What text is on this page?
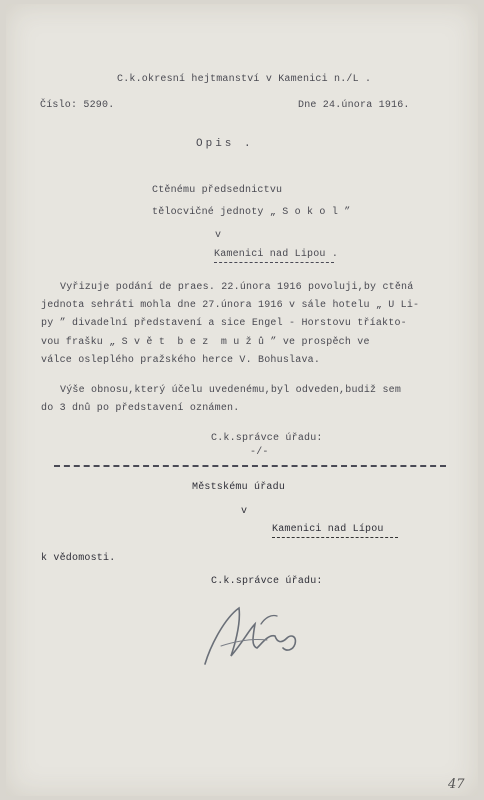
C.k.okresní hejtmanství v Kamenici n./L .
Číslo: 5290.	Dne 24.února 1916.
Opis .
Ctěnému předsednictvu
tělocvičné jednoty „ S o k o l ”
v
Kamenici nad Lipou .
Vyřizuje podání de praes. 22.února 1916 povoluji,by ctěná
jednota sehráti mohla dne 27.února 1916 v sále hotelu „ U Li-
py ” divadelní představení a sice Engel - Horstovu tříakto-
vou frašku „ S v ě t  b e z  m u ž ů ” ve prospěch ve
válce osleplého pražského herce V. Bohuslava.
Výše obnosu,který účelu uvedenému,byl odveden,budiž sem
do 3 dnů po představení oznámen.
C.k.správce úřadu:
-/-
Městskému úřadu
v
Kamenici nad Lípou
k vědomosti.
C.k.správce úřadu:
47
